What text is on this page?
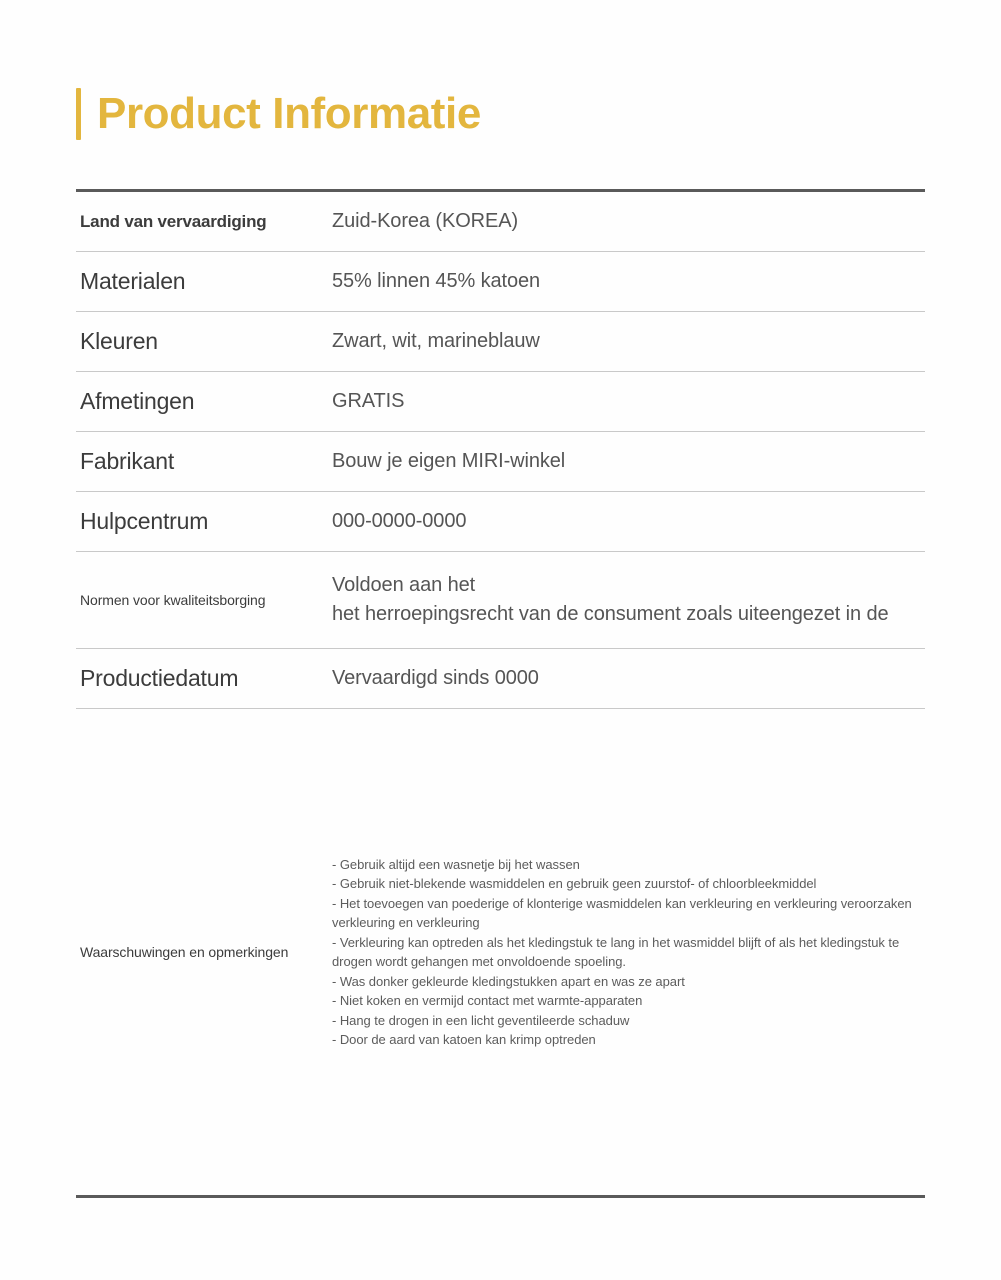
Product Informatie
Land van vervaardiging	Zuid-Korea (KOREA)
Materialen	55% linnen 45% katoen
Kleuren	Zwart, wit, marineblauw
Afmetingen	GRATIS
Fabrikant	Bouw je eigen MIRI-winkel
Hulpcentrum	000-0000-0000
Normen voor kwaliteitsborging	Voldoen aan het
het herroepingsrecht van de consument zoals uiteengezet in de

Productiedatum	Vervaardigd sinds 0000
Waarschuwingen en opmerkingen	
- Gebruik altijd een wasnetje bij het wassen
- Gebruik niet-blekende wasmiddelen en gebruik geen zuurstof- of chloorbleekmiddel
- Het toevoegen van poederige of klonterige wasmiddelen kan verkleuring en verkleuring veroorzaken verkleuring en verkleuring
- Verkleuring kan optreden als het kledingstuk te lang in het wasmiddel blijft of als het kledingstuk te drogen wordt gehangen met onvoldoende spoeling.
- Was donker gekleurde kledingstukken apart en was ze apart
- Niet koken en vermijd contact met warmte-apparaten
- Hang te drogen in een licht geventileerde schaduw
- Door de aard van katoen kan krimp optreden
